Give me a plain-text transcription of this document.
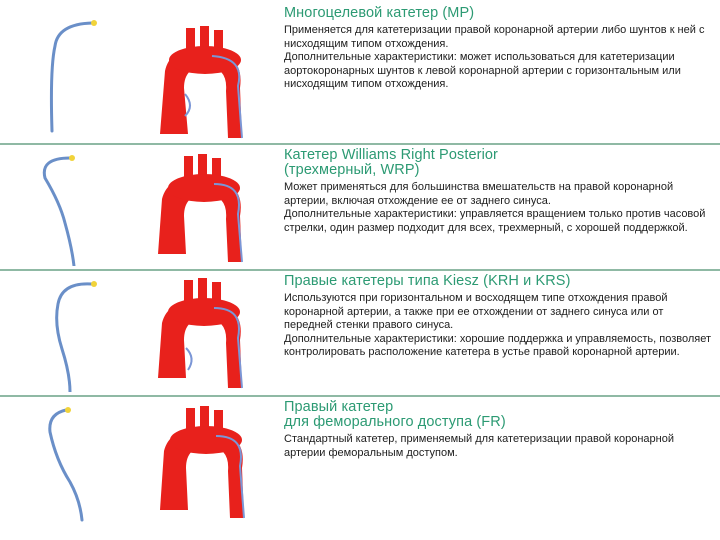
Многоцелевой катетер (MP)

Применяется для катетеризации правой коронарной артерии либо шунтов к ней с нисходящим типом отхождения.

Дополнительные характеристики: может использоваться для катетеризации аортокоронарных шунтов к левой коронарной артерии с горизонтальным или нисходящим типом отхождения.

Катетер Williams Right Posterior
(трехмерный, WRP)

Может применяться для большинства вмешательств на правой коронарной артерии, включая отхождение ее от заднего синуса.

Дополнительные характеристики: управляется вращением только против часовой стрелки, один размер подходит для всех, трехмерный, с хорошей поддержкой.

Правые катетеры типа Kiesz (KRH и KRS)

Используются при горизонтальном и восходящем типе отхождения правой коронарной артерии, а также при ее отхождении от заднего синуса или от передней стенки правого синуса.

Дополнительные характеристики: хорошие поддержка и управляемость, позволяет контролировать расположение катетера в устье правой коронарной артерии.

Правый катетер
для феморального доступа (FR)

Стандартный катетер, применяемый для катетеризации правой коронарной артерии феморальным доступом.
